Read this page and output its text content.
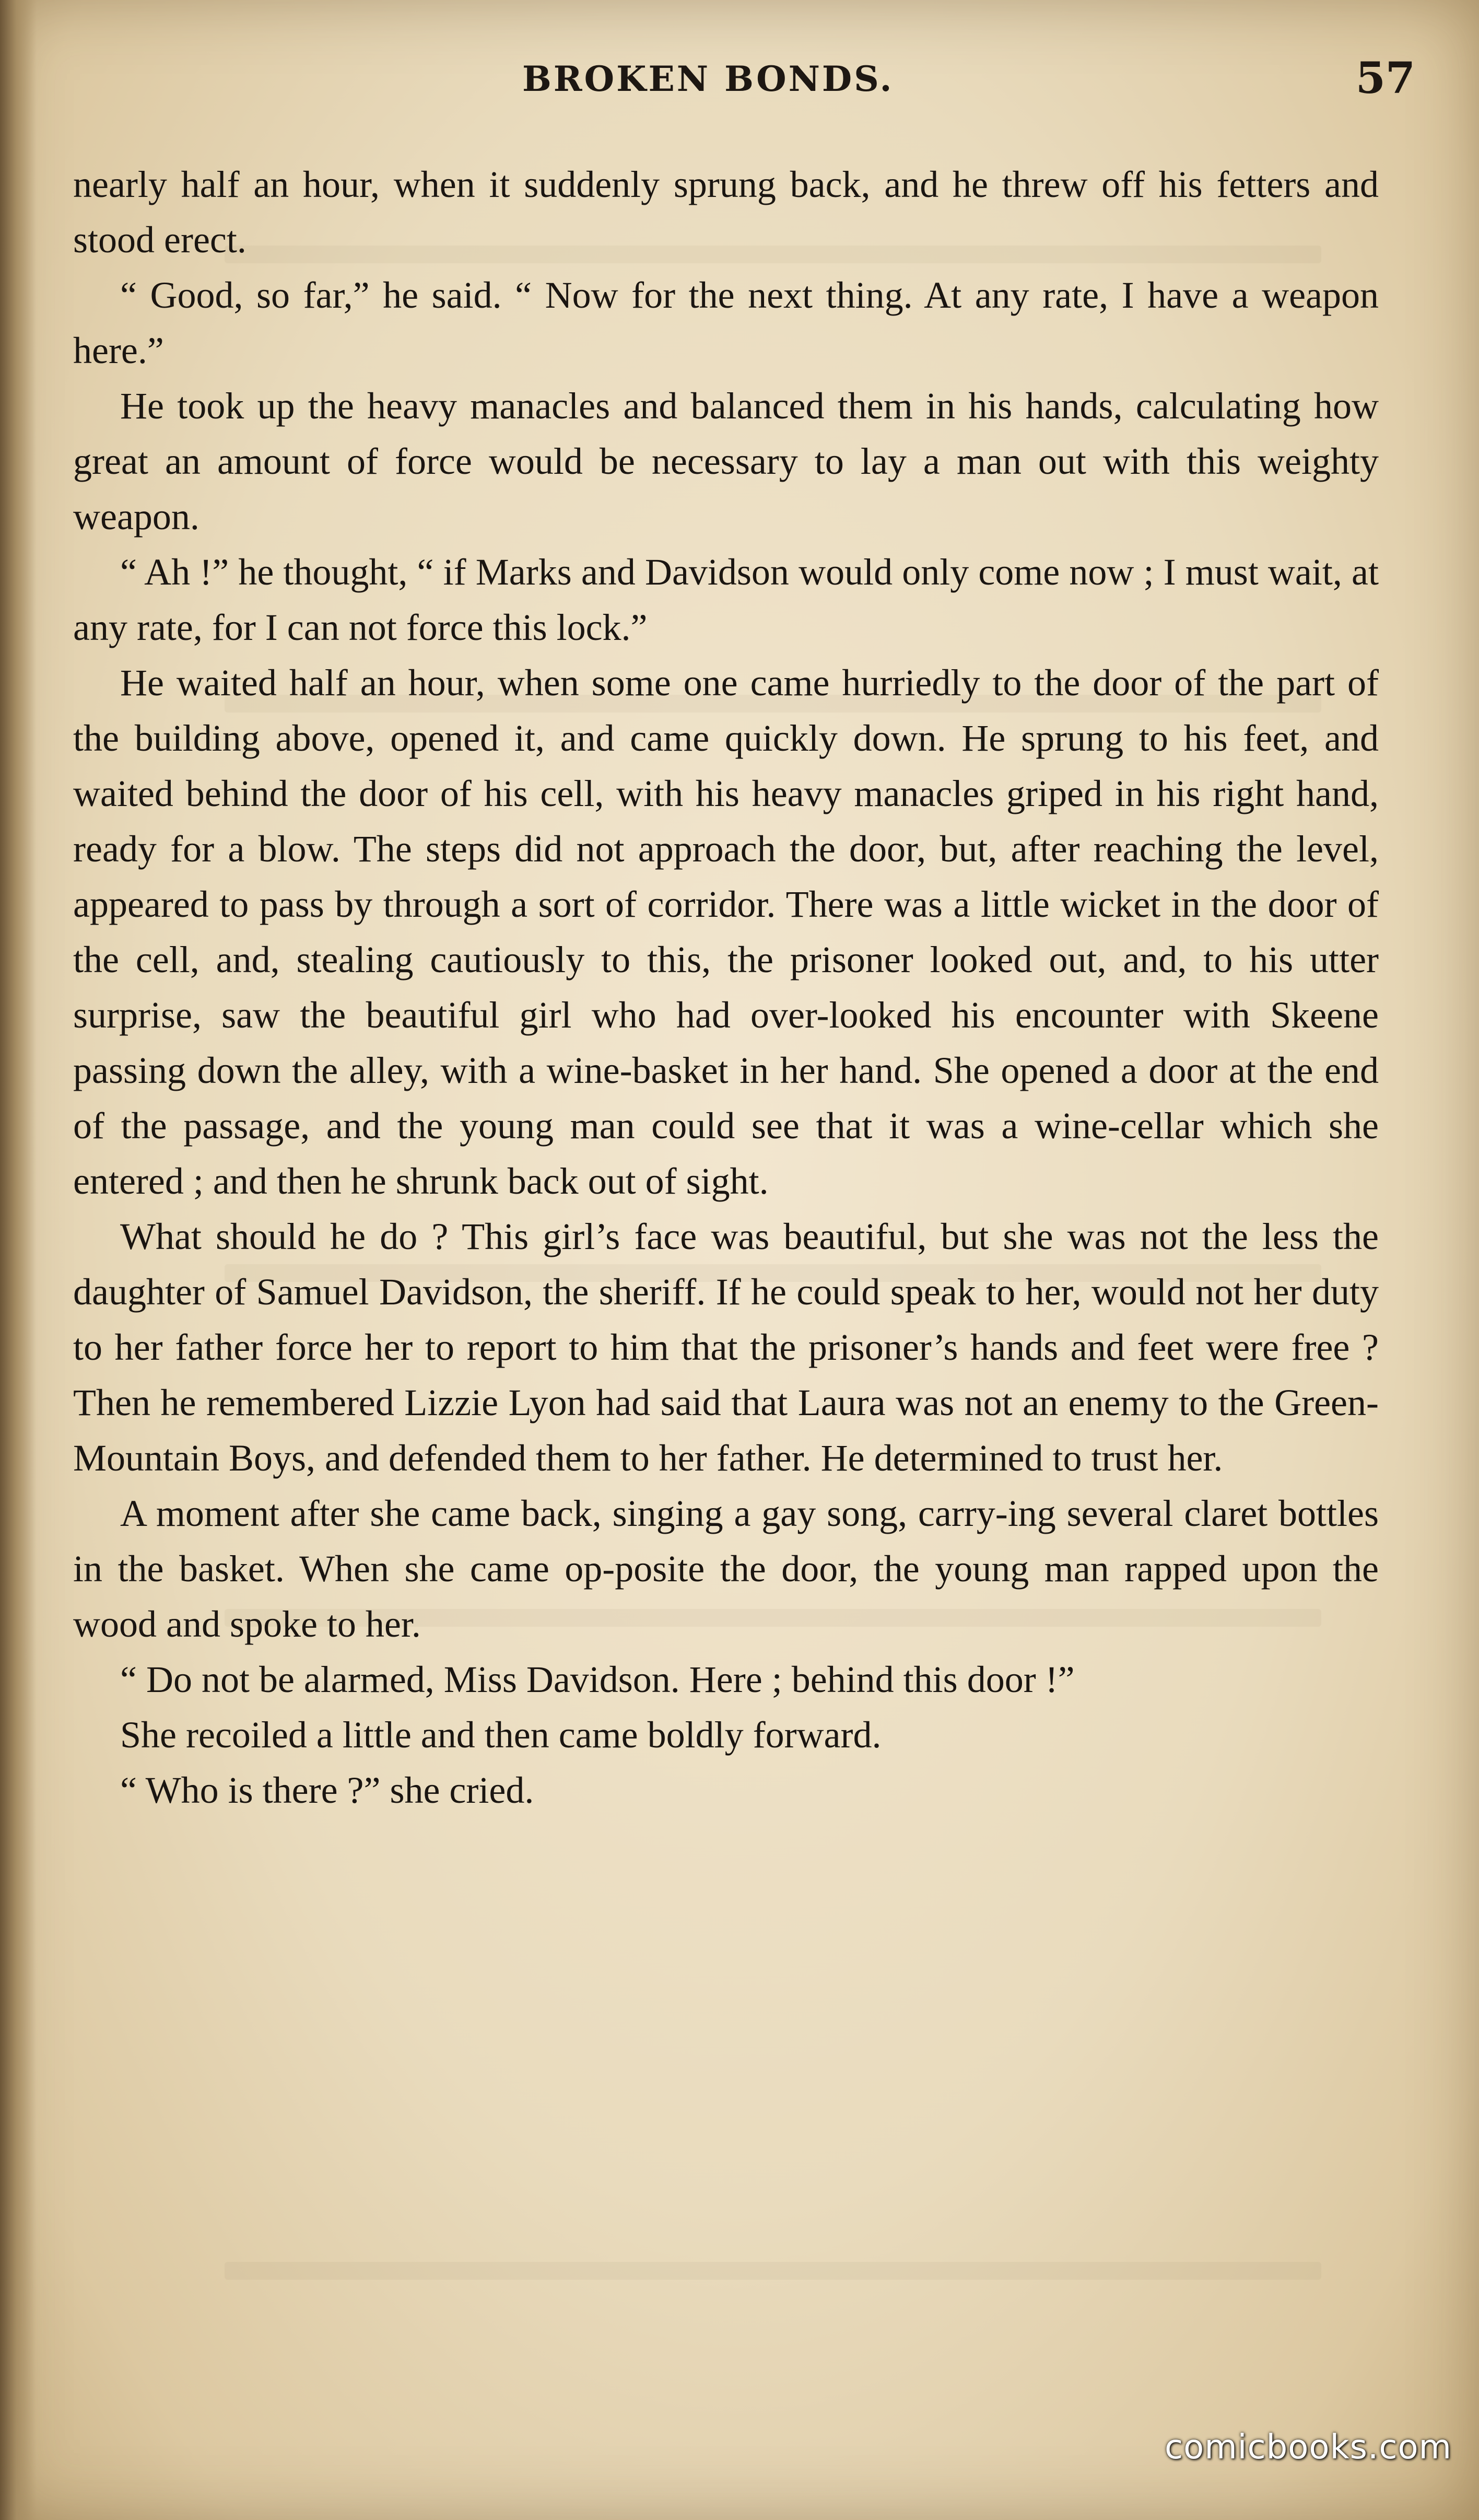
BROKEN BONDS.	57

nearly half an hour, when it suddenly sprung back, and he threw off his fetters and stood erect.

“ Good, so far,” he said. “ Now for the next thing. At any rate, I have a weapon here.”

He took up the heavy manacles and balanced them in his hands, calculating how great an amount of force would be necessary to lay a man out with this weighty weapon.

“ Ah !” he thought, “ if Marks and Davidson would only come now ; I must wait, at any rate, for I can not force this lock.”

He waited half an hour, when some one came hurriedly to the door of the part of the building above, opened it, and came quickly down. He sprung to his feet, and waited behind the door of his cell, with his heavy manacles griped in his right hand, ready for a blow. The steps did not approach the door, but, after reaching the level, appeared to pass by through a sort of corridor. There was a little wicket in the door of the cell, and, stealing cautiously to this, the prisoner looked out, and, to his utter surprise, saw the beautiful girl who had over-looked his encounter with Skeene passing down the alley, with a wine-basket in her hand. She opened a door at the end of the passage, and the young man could see that it was a wine-cellar which she entered ; and then he shrunk back out of sight.

What should he do ? This girl’s face was beautiful, but she was not the less the daughter of Samuel Davidson, the sheriff. If he could speak to her, would not her duty to her father force her to report to him that the prisoner’s hands and feet were free ? Then he remembered Lizzie Lyon had said that Laura was not an enemy to the Green-Mountain Boys, and defended them to her father. He determined to trust her.

A moment after she came back, singing a gay song, carry-ing several claret bottles in the basket. When she came op-posite the door, the young man rapped upon the wood and spoke to her.

“ Do not be alarmed, Miss Davidson. Here ; behind this door !”

She recoiled a little and then came boldly forward.

“ Who is there ?” she cried.

comicbooks.com
